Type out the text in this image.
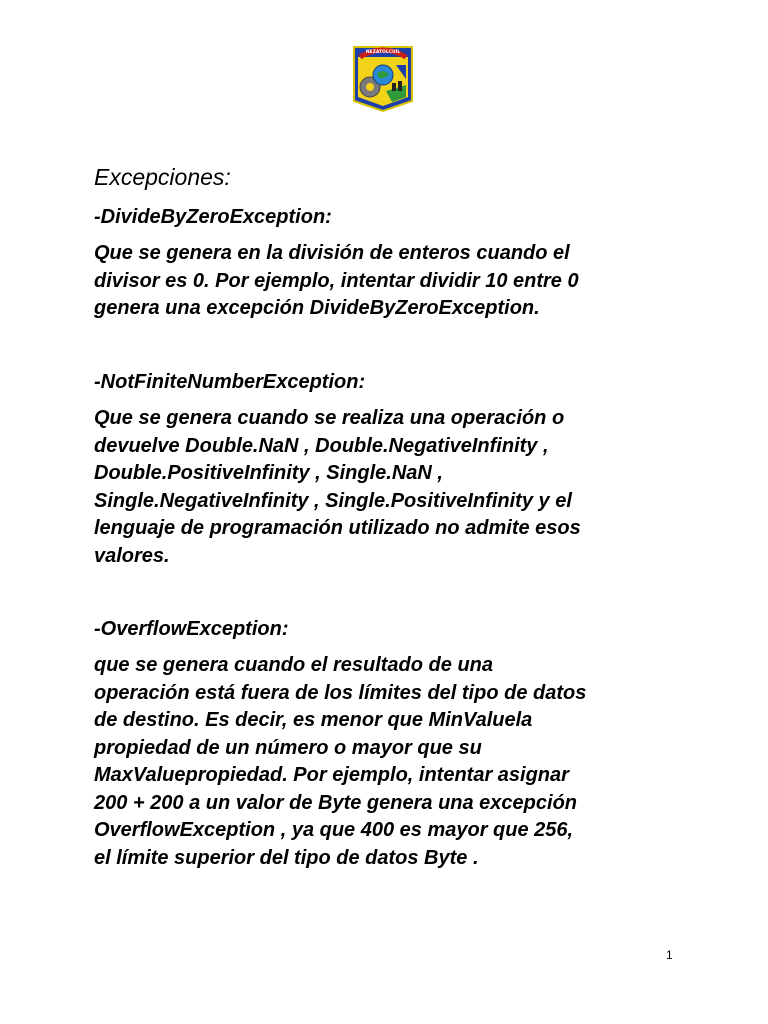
NEZATOLCUIL
Excepciones:
-DivideByZeroException:

Que se genera en la división de enteros cuando el
divisor es 0. Por ejemplo, intentar dividir 10 entre 0
genera una excepción DivideByZeroException.

-NotFiniteNumberException:

Que se genera cuando se realiza una operación o
devuelve Double.NaN , Double.NegativeInfinity ,
Double.PositiveInfinity , Single.NaN ,
Single.NegativeInfinity , Single.PositiveInfinity y el
lenguaje de programación utilizado no admite esos
valores.

-OverflowException:

que se genera cuando el resultado de una
operación está fuera de los límites del tipo de datos
de destino. Es decir, es menor que MinValuela
propiedad de un número o mayor que su
MaxValuepropiedad. Por ejemplo, intentar asignar
200 + 200 a un valor de Byte genera una excepción
OverflowException , ya que 400 es mayor que 256,
el límite superior del tipo de datos Byte .

1
